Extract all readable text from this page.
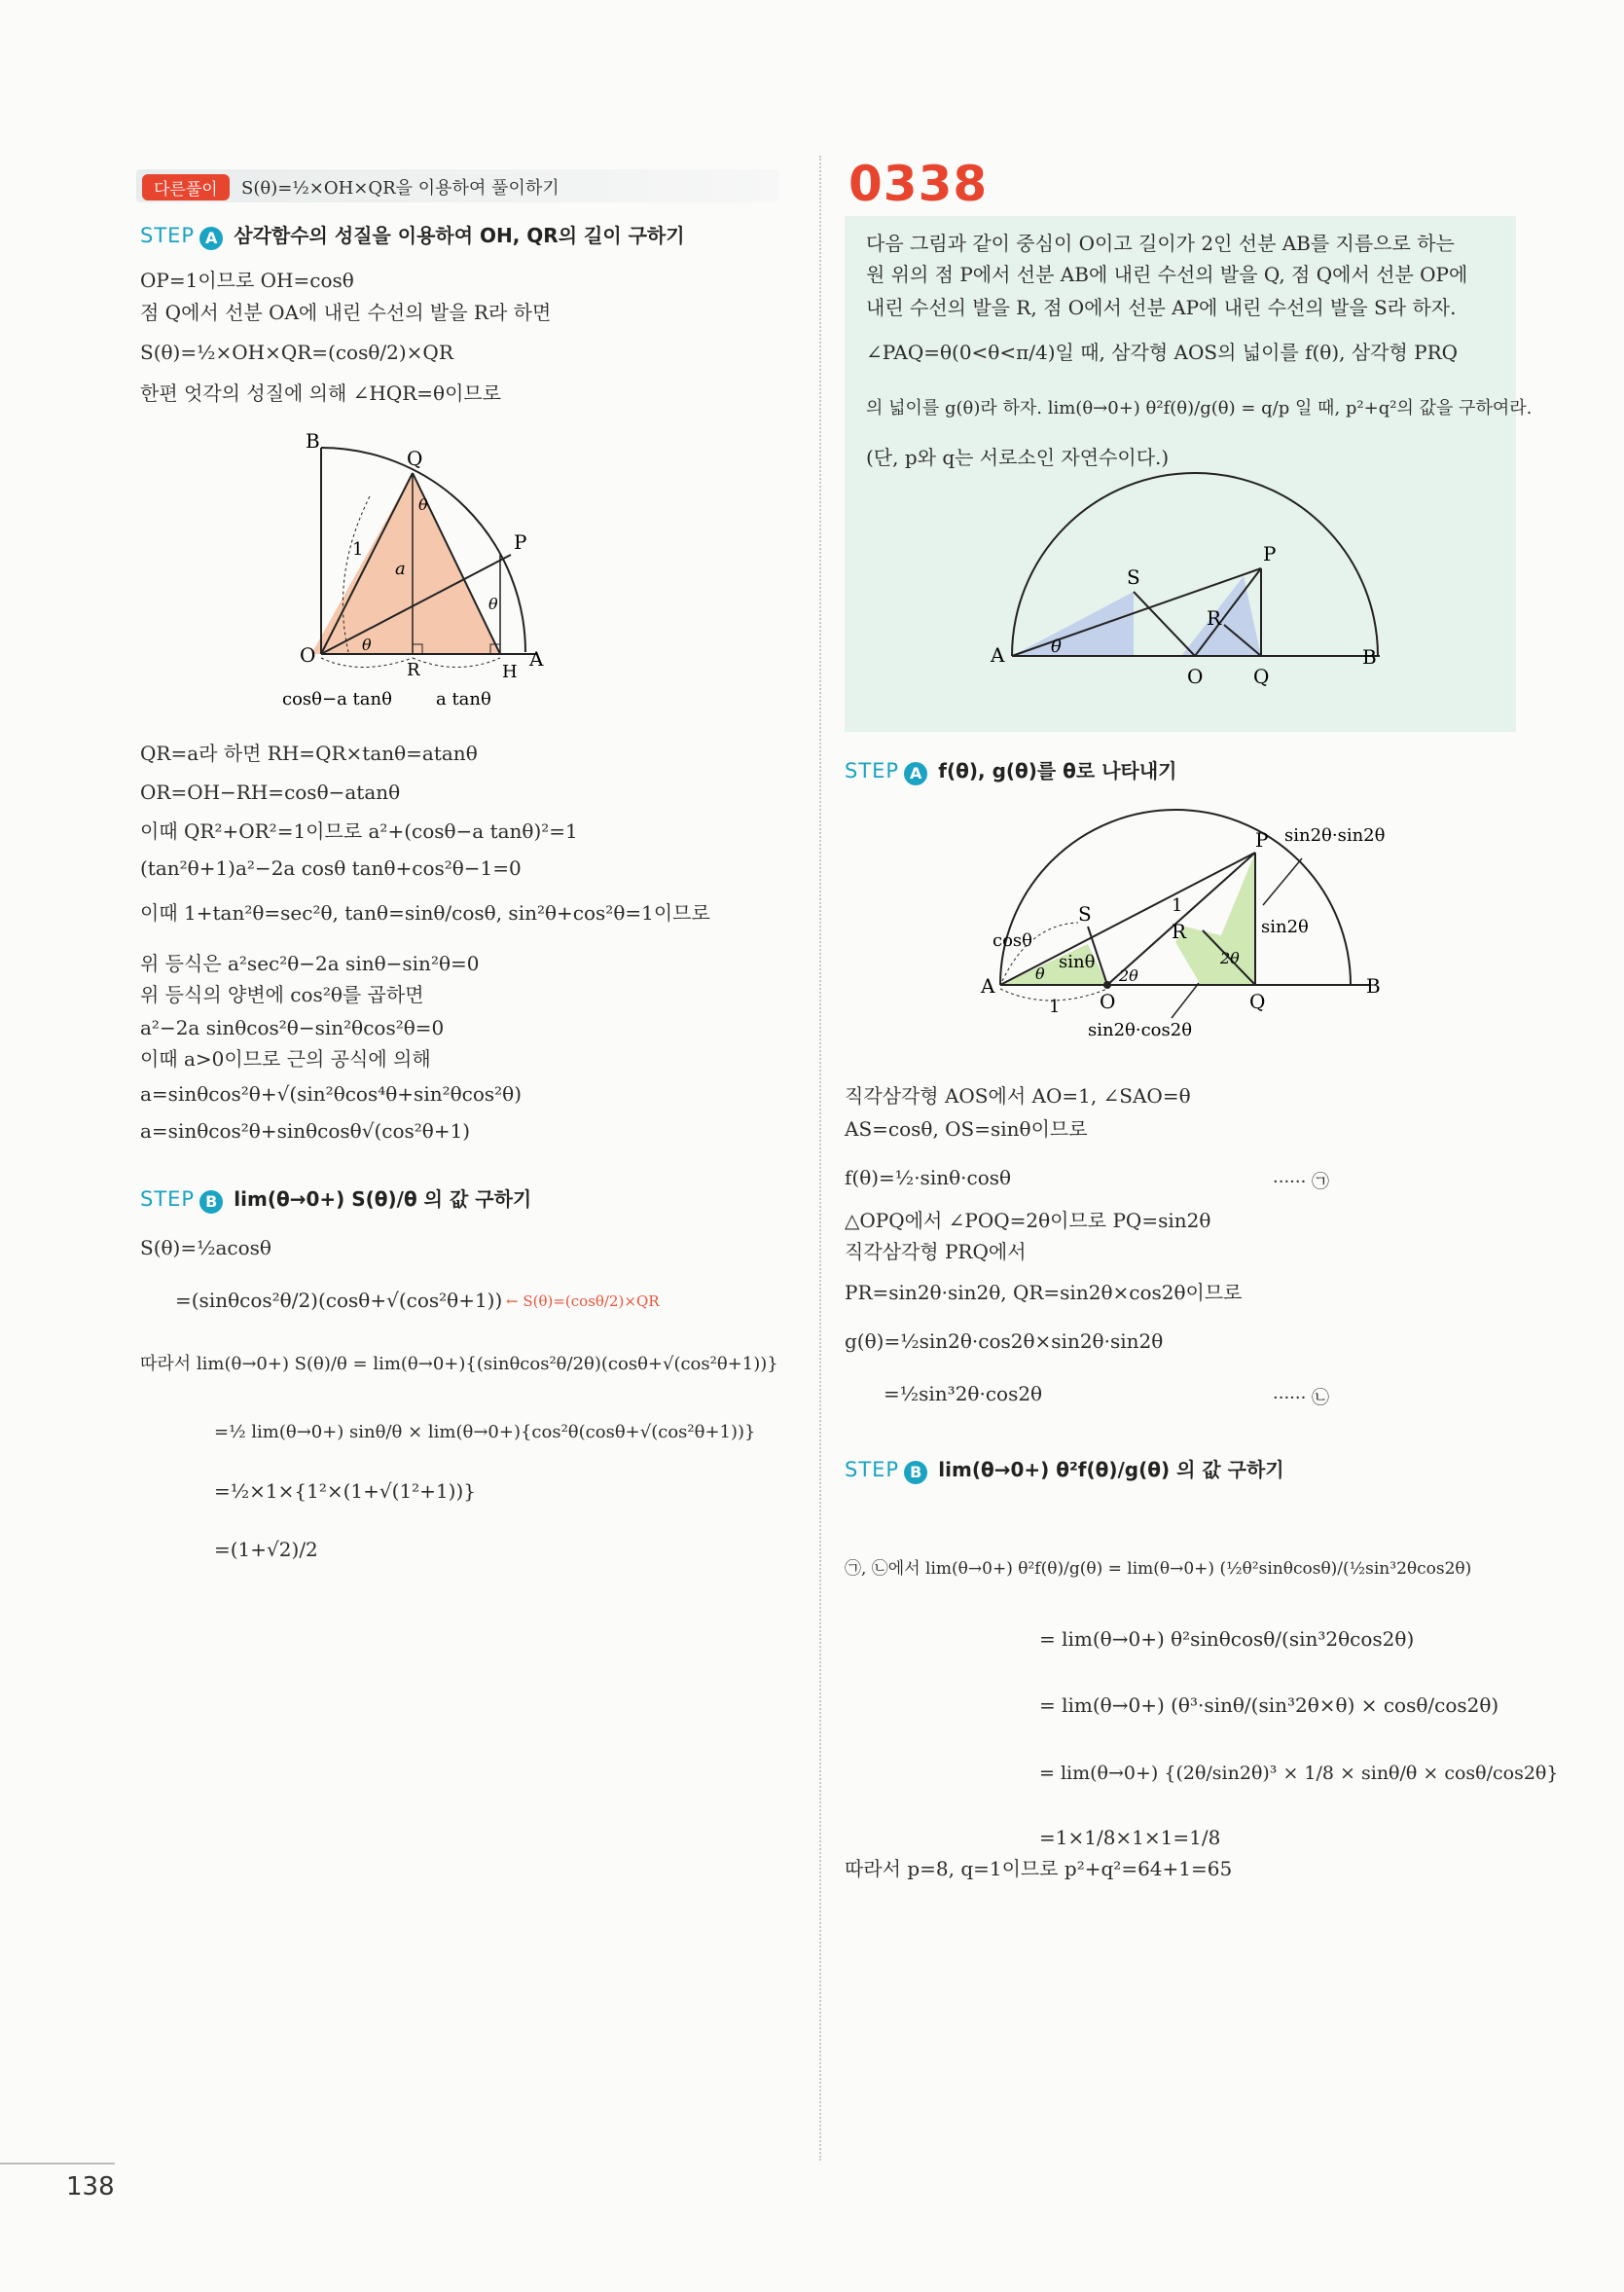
다른풀이	S(θ)=½×OH×QR을 이용하여 풀이하기
STEP A 삼각함수의 성질을 이용하여 OH, QR의 길이 구하기
OP=1이므로 OH=cosθ
점 Q에서 선분 OA에 내린 수선의 발을 R라 하면
S(θ)=½×OH×QR=(cosθ/2)×QR
한편 엇각의 성질에 의해 ∠HQR=θ이므로
B
Q
P
O
R	H
A
1
a
θ
θ
θ
cosθ−a tanθ	a tanθ
QR=a라 하면 RH=QR×tanθ=atanθ
OR=OH−RH=cosθ−atanθ
이때 QR²+OR²=1이므로 a²+(cosθ−a tanθ)²=1
(tan²θ+1)a²−2a cosθ tanθ+cos²θ−1=0
이때 1+tan²θ=sec²θ, tanθ=sinθ/cosθ, sin²θ+cos²θ=1이므로
위 등식은 a²sec²θ−2a sinθ−sin²θ=0
위 등식의 양변에 cos²θ를 곱하면
a²−2a sinθcos²θ−sin²θcos²θ=0
이때 a>0이므로 근의 공식에 의해
a=sinθcos²θ+√(sin²θcos⁴θ+sin²θcos²θ)
a=sinθcos²θ+sinθcosθ√(cos²θ+1)
STEP B lim(θ→0+) S(θ)/θ 의 값 구하기
S(θ)=½acosθ
=(sinθcos²θ/2)(cosθ+√(cos²θ+1)) ← S(θ)=(cosθ/2)×QR
따라서 lim(θ→0+) S(θ)/θ = lim(θ→0+){(sinθcos²θ/2θ)(cosθ+√(cos²θ+1))}
=½ lim(θ→0+) sinθ/θ × lim(θ→0+){cos²θ(cosθ+√(cos²θ+1))}
=½×1×{1²×(1+√(1²+1))}
=(1+√2)/2
0338
다음 그림과 같이 중심이 O이고 길이가 2인 선분 AB를 지름으로 하는
원 위의 점 P에서 선분 AB에 내린 수선의 발을 Q, 점 Q에서 선분 OP에
내린 수선의 발을 R, 점 O에서 선분 AP에 내린 수선의 발을 S라 하자.
∠PAQ=θ(0<θ<π/4)일 때, 삼각형 AOS의 넓이를 f(θ), 삼각형 PRQ
의 넓이를 g(θ)라 하자. lim(θ→0+) θ²f(θ)/g(θ) = q/p 일 때, p²+q²의 값을 구하여라.
(단, p와 q는 서로소인 자연수이다.)
P
S
R
A
O	Q
B
θ
STEP A f(θ), g(θ)를 θ로 나타내기
P sin2θ·sin2θ
S
R
1
sin2θ
cosθ
sinθ
θ	2θ
2θ
A
O	Q
B
1
sin2θ·cos2θ
직각삼각형 AOS에서 AO=1, ∠SAO=θ
AS=cosθ, OS=sinθ이므로
f(θ)=½·sinθ·cosθ	······ ㉠
△OPQ에서 ∠POQ=2θ이므로 PQ=sin2θ
직각삼각형 PRQ에서
PR=sin2θ·sin2θ, QR=sin2θ×cos2θ이므로
g(θ)=½sin2θ·cos2θ×sin2θ·sin2θ
=½sin³2θ·cos2θ	······ ㉡
STEP B lim(θ→0+) θ²f(θ)/g(θ) 의 값 구하기
㉠, ㉡에서 lim(θ→0+) θ²f(θ)/g(θ) = lim(θ→0+) (½θ²sinθcosθ)/(½sin³2θcos2θ)
= lim(θ→0+) θ²sinθcosθ/(sin³2θcos2θ)
= lim(θ→0+) (θ³·sinθ/(sin³2θ×θ) × cosθ/cos2θ)
= lim(θ→0+) {(2θ/sin2θ)³ × 1/8 × sinθ/θ × cosθ/cos2θ}
=1×1/8×1×1=1/8
따라서 p=8, q=1이므로 p²+q²=64+1=65
138
